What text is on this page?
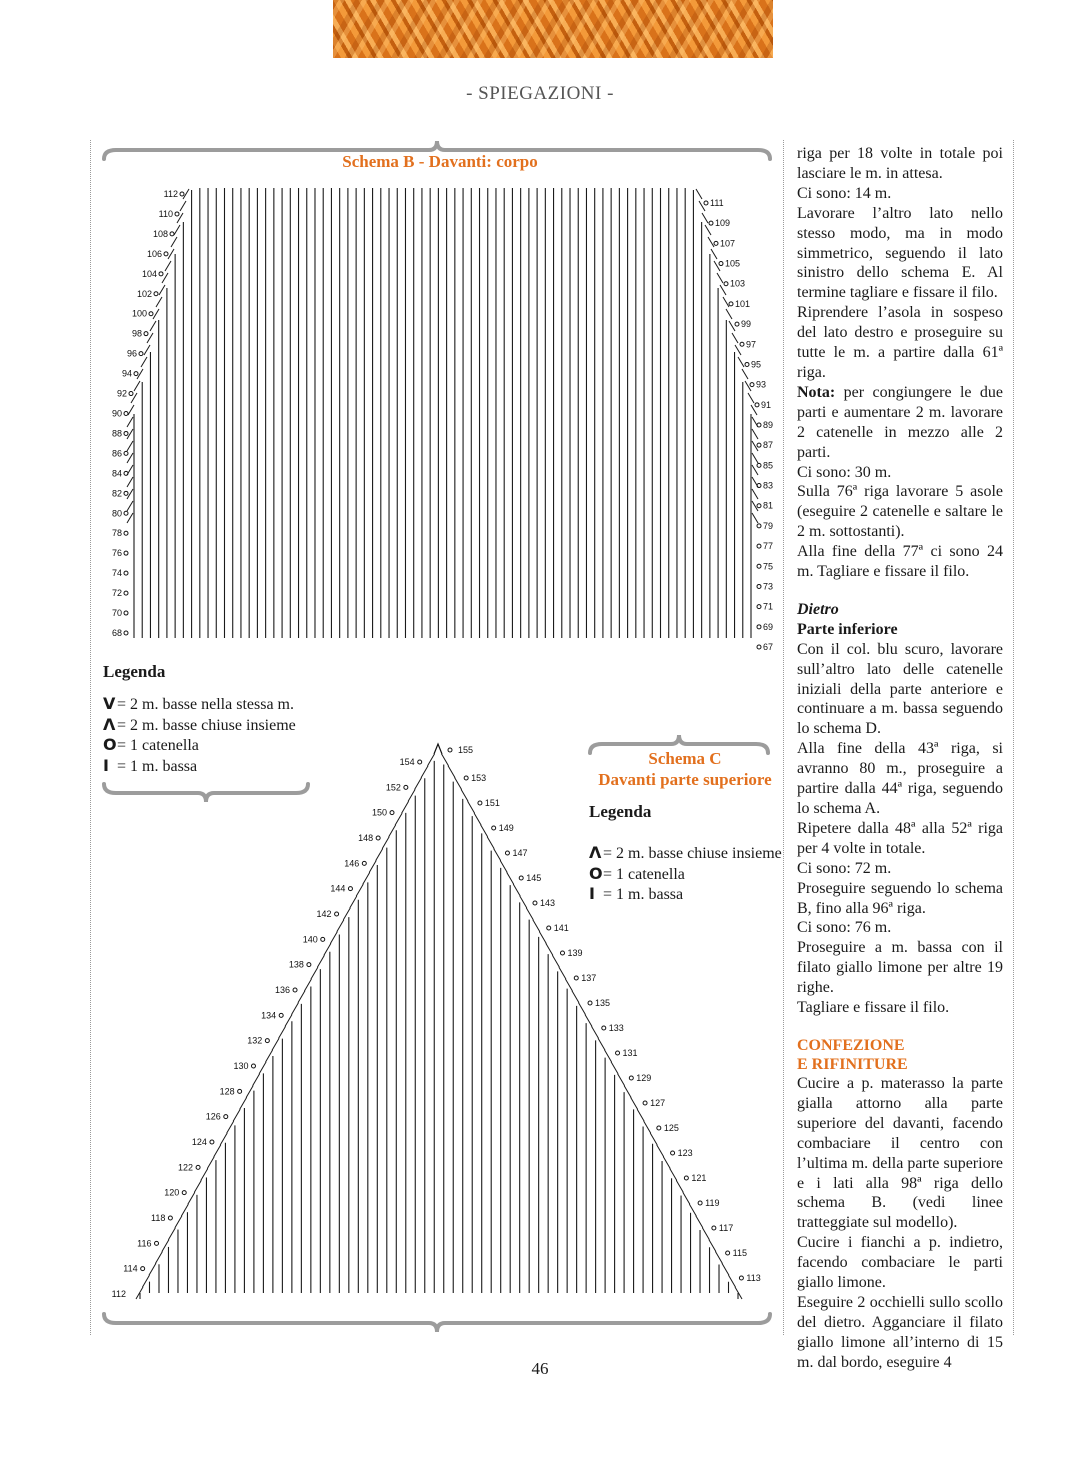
- SPIEGAZIONI -
112
110
108
106
104
102
100
98
96
94
92
90
88
86
84
82
80
78
76
74
72
70
68
111
109
107
105
103
101
99
97
95
93
91
89
87
85
83
81
79
77
75
73
71
69
67
155
154
152
150
148
146
144
142
140
138
136
134
132
130
128
126
124
122
120
118
116
114
112
153
151
149
147
145
143
141
139
137
135
133
131
129
127
125
123
121
119
117
115
113
Schema B - Davanti: corpo
Legenda
V = 2 m. basse nella stessa m.
Λ = 2 m. basse chiuse insieme
O= 1 catenella
I = 1 m. bassa	Schema C
Davanti parte superiore
Legenda
Λ = 2 m. basse chiuse insieme
O= 1 catenella
I = 1 m. bassa

riga per 18 volte in totale poi lasciare le m. in attesa.

Ci sono: 14 m.

Lavorare l’altro lato nello stesso modo, ma in modo simmetrico, seguendo il lato sinistro dello schema E. Al termine tagliare e fissare il filo.

Riprendere l’asola in sospeso del lato destro e proseguire su tutte le m. a partire dalla 61ª riga.

Nota: per congiungere le due parti e aumentare 2 m. lavorare 2 catenelle in mezzo alle 2 parti.

Ci sono: 30 m.

Sulla 76ª riga lavorare 5 asole (eseguire 2 catenelle e saltare le 2 m. sottostanti).

Alla fine della 77ª ci sono 24 m. Tagliare e fissare il filo.

Dietro

Parte inferiore

Con il col. blu scuro, lavorare sull’altro lato delle catenelle iniziali della parte anteriore e continuare a m. bassa seguendo lo schema D.

Alla fine della 43ª riga, si avranno 80 m., proseguire a partire dalla 44ª riga, seguendo lo schema A.

Ripetere dalla 48ª alla 52ª riga per 4 volte in totale.

Ci sono: 72 m.

Proseguire seguendo lo schema B, fino alla 96ª riga.

Ci sono: 76 m.

Proseguire a m. bassa con il filato giallo limone per altre 19 righe.

Tagliare e fissare il filo.

CONFEZIONE
E RIFINITURE

Cucire a p. materasso la parte gialla attorno alla parte superiore del davanti, facendo combaciare il centro con l’ultima m. della parte superiore e i lati alla 98ª riga dello schema B. (vedi linee tratteggiate sul modello).

Cucire i fianchi a p. indietro, facendo combaciare le parti giallo limone.

Eseguire 2 occhielli sullo scollo del dietro. Agganciare il filato giallo limone all’interno di 15 m. dal bordo, eseguire 4

46
